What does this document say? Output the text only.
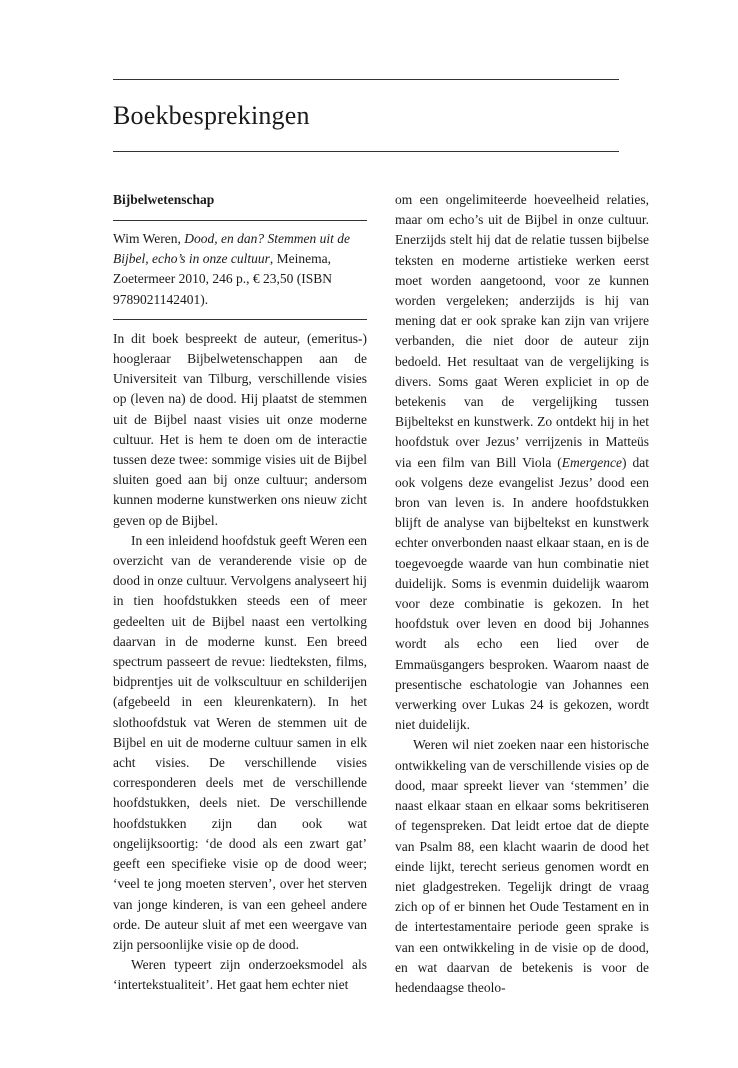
Boekbesprekingen
Bijbelwetenschap
Wim Weren, Dood, en dan? Stemmen uit de Bijbel, echo’s in onze cultuur, Meinema, Zoetermeer 2010, 246 p., € 23,50 (ISBN 9789021142401).

In dit boek bespreekt de auteur, (emeritus-) hoogleraar Bijbelwetenschappen aan de Universiteit van Tilburg, verschillende visies op (leven na) de dood. Hij plaatst de stemmen uit de Bijbel naast visies uit onze moderne cultuur. Het is hem te doen om de interactie tussen deze twee: sommige visies uit de Bijbel sluiten goed aan bij onze cultuur; andersom kunnen moderne kunstwerken ons nieuw zicht geven op de Bijbel.

In een inleidend hoofdstuk geeft Weren een overzicht van de veranderende visie op de dood in onze cultuur. Vervolgens analyseert hij in tien hoofdstukken steeds een of meer gedeelten uit de Bijbel naast een vertolking daarvan in de moderne kunst. Een breed spectrum passeert de revue: liedteksten, films, bidprentjes uit de volkscultuur en schilderijen (afgebeeld in een kleurenkatern). In het slothoofdstuk vat Weren de stemmen uit de Bijbel en uit de moderne cultuur samen in elk acht visies. De verschillende visies corresponderen deels met de verschillende hoofdstukken, deels niet. De verschillende hoofdstukken zijn dan ook wat ongelijksoortig: ‘de dood als een zwart gat’ geeft een specifieke visie op de dood weer; ‘veel te jong moeten sterven’, over het sterven van jonge kinderen, is van een geheel andere orde. De auteur sluit af met een weergave van zijn persoonlijke visie op de dood.

Weren typeert zijn onderzoeksmodel als ‘intertekstualiteit’. Het gaat hem echter niet

om een ongelimiteerde hoeveelheid relaties, maar om echo’s uit de Bijbel in onze cultuur. Enerzijds stelt hij dat de relatie tussen bijbelse teksten en moderne artistieke werken eerst moet worden aangetoond, voor ze kunnen worden vergeleken; anderzijds is hij van mening dat er ook sprake kan zijn van vrijere verbanden, die niet door de auteur zijn bedoeld. Het resultaat van de vergelijking is divers. Soms gaat Weren expliciet in op de betekenis van de vergelijking tussen Bijbeltekst en kunstwerk. Zo ontdekt hij in het hoofdstuk over Jezus’ verrijzenis in Matteüs via een film van Bill Viola (Emergence) dat ook volgens deze evangelist Jezus’ dood een bron van leven is. In andere hoofdstukken blijft de analyse van bijbeltekst en kunstwerk echter onverbonden naast elkaar staan, en is de toegevoegde waarde van hun combinatie niet duidelijk. Soms is evenmin duidelijk waarom voor deze combinatie is gekozen. In het hoofdstuk over leven en dood bij Johannes wordt als echo een lied over de Emmaüsgangers besproken. Waarom naast de presentische eschatologie van Johannes een verwerking over Lukas 24 is gekozen, wordt niet duidelijk.

Weren wil niet zoeken naar een historische ontwikkeling van de verschillende visies op de dood, maar spreekt liever van ‘stemmen’ die naast elkaar staan en elkaar soms bekritiseren of tegenspreken. Dat leidt ertoe dat de diepte van Psalm 88, een klacht waarin de dood het einde lijkt, terecht serieus genomen wordt en niet gladgestreken. Tegelijk dringt de vraag zich op of er binnen het Oude Testament en in de intertestamentaire periode geen sprake is van een ontwikkeling in de visie op de dood, en wat daarvan de betekenis is voor de hedendaagse theolo-
